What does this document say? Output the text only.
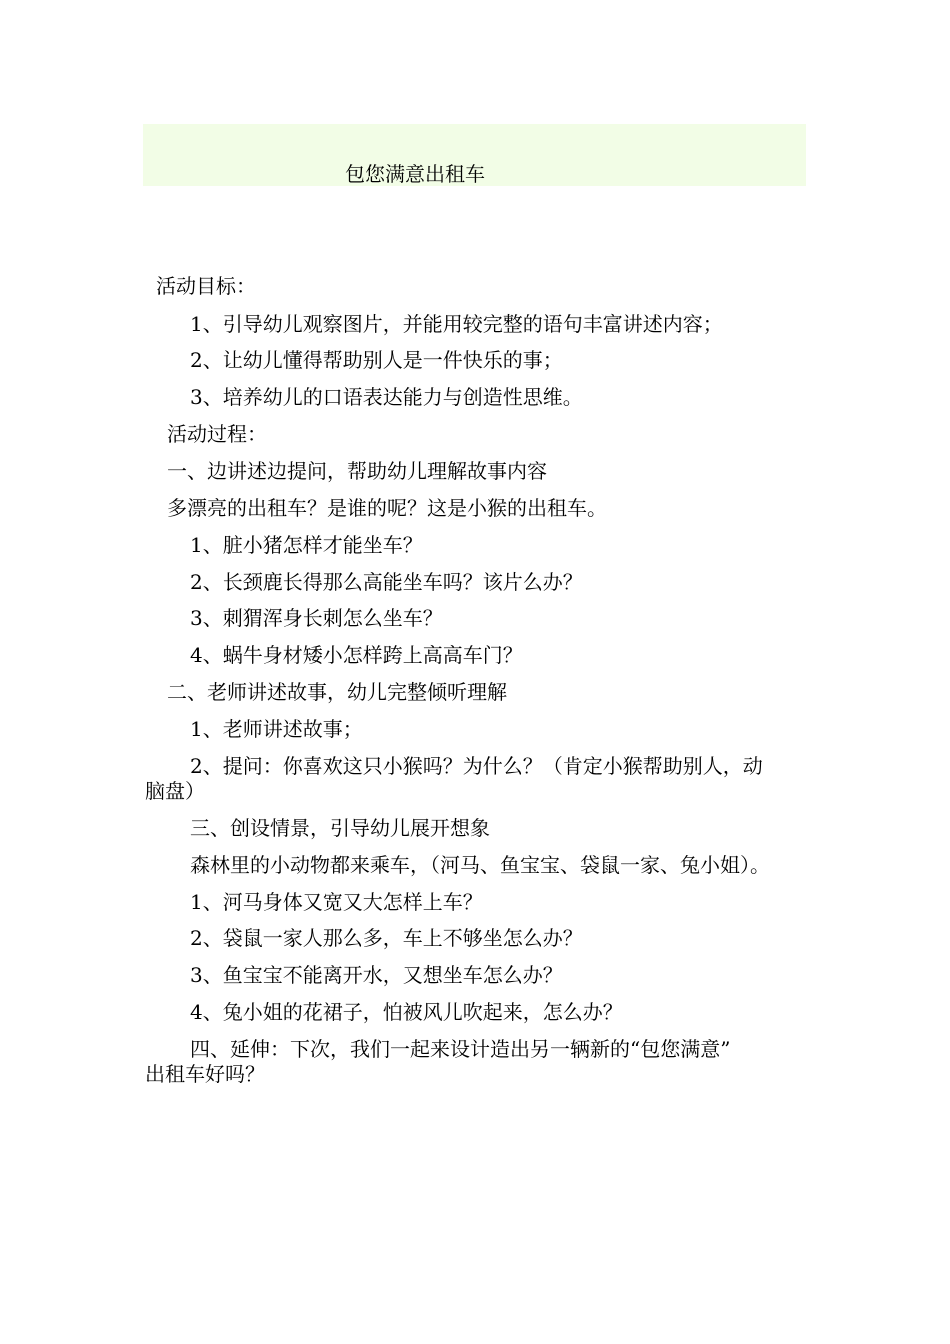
包您满意出租车
活动目标：
1、引导幼儿观察图片，并能用较完整的语句丰富讲述内容；
2、让幼儿懂得帮助别人是一件快乐的事；
3、培养幼儿的口语表达能力与创造性思维。
活动过程：
一、边讲述边提问，帮助幼儿理解故事内容
多漂亮的出租车？是谁的呢？这是小猴的出租车。
1、脏小猪怎样才能坐车？
2、长颈鹿长得那么高能坐车吗？该片么办？
3、刺猬浑身长刺怎么坐车？
4、蜗牛身材矮小怎样跨上高高车门？
二、老师讲述故事，幼儿完整倾听理解
1、老师讲述故事；
2、提问：你喜欢这只小猴吗？为什么？（肯定小猴帮助别人，动
脑盘）
三、创设情景，引导幼儿展开想象
森林里的小动物都来乘车，（河马、鱼宝宝、袋鼠一家、兔小姐）。
1、河马身体又宽又大怎样上车？
2、袋鼠一家人那么多，车上不够坐怎么办？
3、鱼宝宝不能离开水，又想坐车怎么办？
4、兔小姐的花裙子，怕被风儿吹起来，怎么办？
四、延伸：下次，我们一起来设计造出另一辆新的“包您满意”
出租车好吗？
